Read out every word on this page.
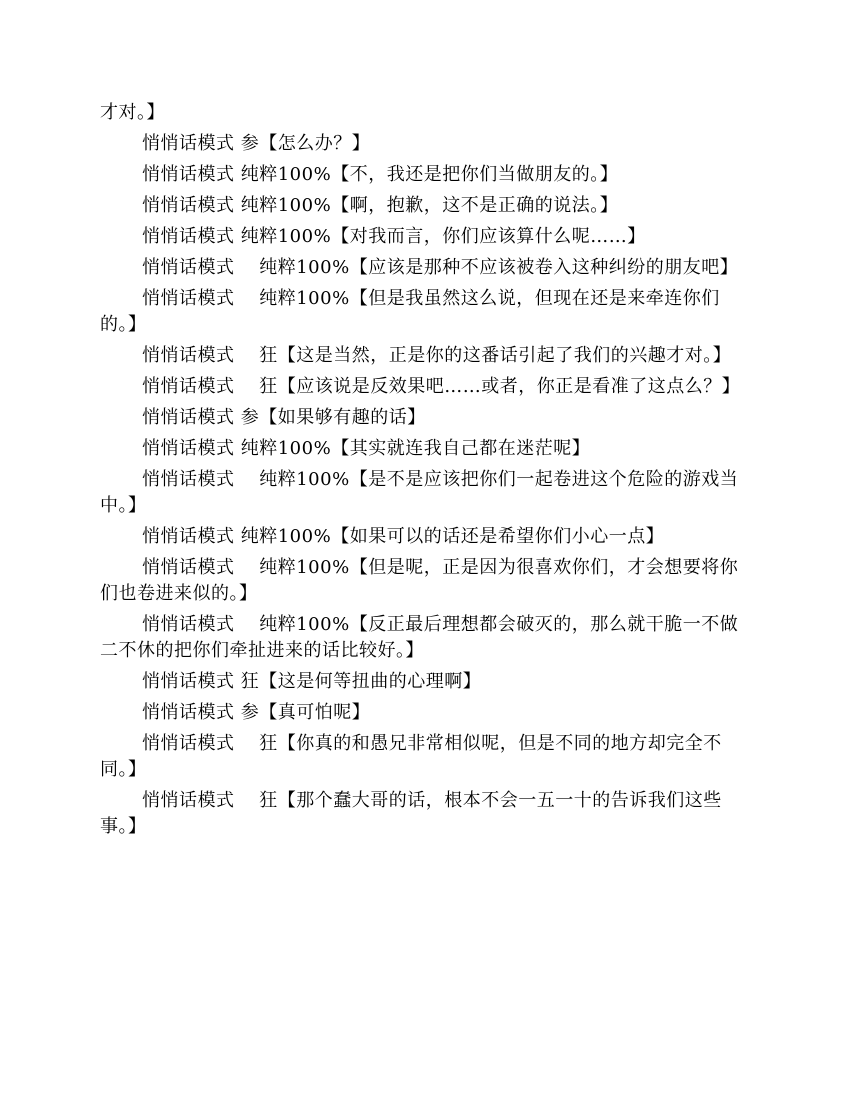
才对。】

悄悄话模式 参【怎么办？】

悄悄话模式 纯粹100%【不，我还是把你们当做朋友的。】

悄悄话模式 纯粹100%【啊，抱歉，这不是正确的说法。】

悄悄话模式 纯粹100%【对我而言，你们应该算什么呢……】

悄悄话模式 　纯粹100%【应该是那种不应该被卷入这种纠纷的朋友吧】

悄悄话模式 　纯粹100%【但是我虽然这么说，但现在还是来牵连你们的。】

悄悄话模式 　狂【这是当然，正是你的这番话引起了我们的兴趣才对。】

悄悄话模式 　狂【应该说是反效果吧……或者，你正是看准了这点么？】

悄悄话模式 参【如果够有趣的话】

悄悄话模式 纯粹100%【其实就连我自己都在迷茫呢】

悄悄话模式 　纯粹100%【是不是应该把你们一起卷进这个危险的游戏当中。】

悄悄话模式 纯粹100%【如果可以的话还是希望你们小心一点】

悄悄话模式 　纯粹100%【但是呢，正是因为很喜欢你们，才会想要将你们也卷进来似的。】

悄悄话模式 　纯粹100%【反正最后理想都会破灭的，那么就干脆一不做二不休的把你们牵扯进来的话比较好。】

悄悄话模式 狂【这是何等扭曲的心理啊】

悄悄话模式 参【真可怕呢】

悄悄话模式 　狂【你真的和愚兄非常相似呢，但是不同的地方却完全不同。】

悄悄话模式 　狂【那个蠢大哥的话，根本不会一五一十的告诉我们这些事。】
